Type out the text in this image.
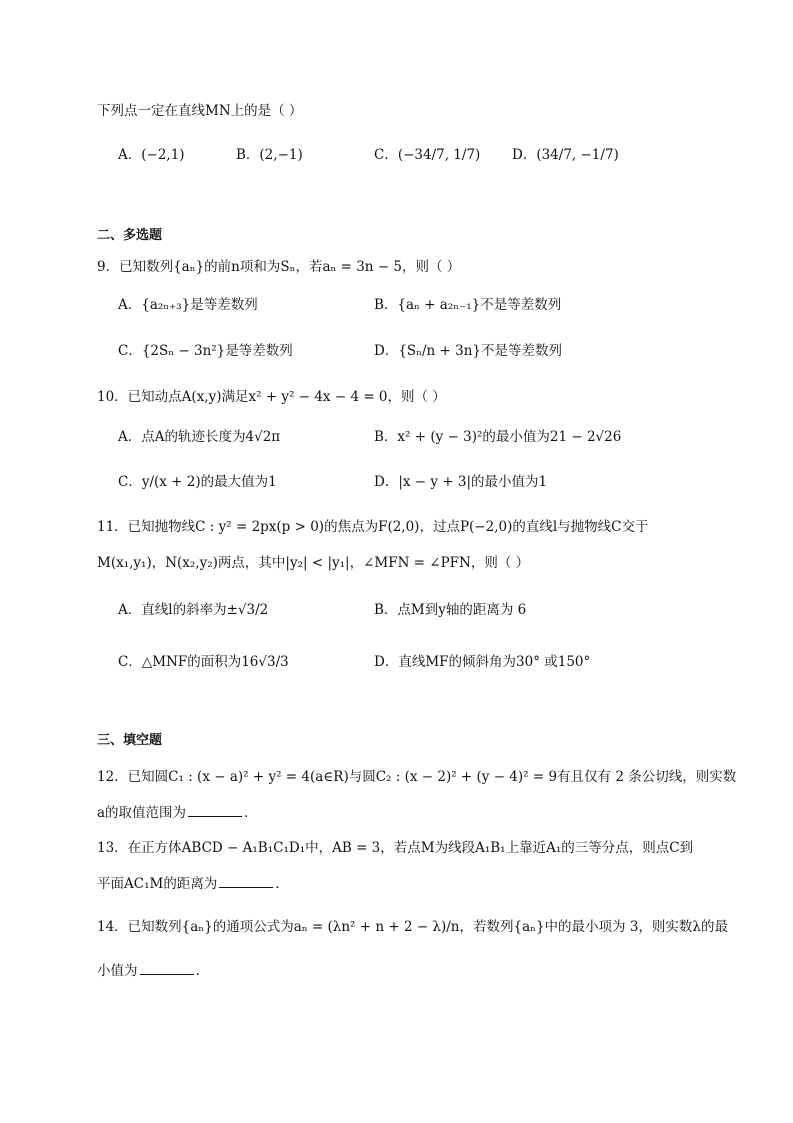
下列点一定在直线MN上的是（ ）
A．(−2,1)	B．(2,−1)	C．(−34/7, 1/7) D．(34/7, −1/7)
二、多选题
9．已知数列{aₙ}的前n项和为Sₙ，若aₙ = 3n − 5，则（ ）
A．{a₂ₙ₊₃}是等差数列	B．{aₙ + a₂ₙ₋₁}不是等差数列
C．{2Sₙ − 3n²}是等差数列	D．{Sₙ/n + 3n}不是等差数列
10．已知动点A(x,y)满足x² + y² − 4x − 4 = 0，则（ ）
A．点A的轨迹长度为4√2π	B．x² + (y − 3)²的最小值为21 − 2√26
C．y/(x + 2)的最大值为1	D．|x − y + 3|的最小值为1
11．已知抛物线C : y² = 2px(p > 0)的焦点为F(2,0)，过点P(−2,0)的直线l与抛物线C交于
M(x₁,y₁)，N(x₂,y₂)两点，其中|y₂| < |y₁|，∠MFN = ∠PFN，则（ ）
A．直线l的斜率为±√3/2	B．点M到y轴的距离为 6
C．△MNF的面积为16√3/3	D．直线MF的倾斜角为30° 或150°
三、填空题
12．已知圆C₁ : (x − a)² + y² = 4(a∈R)与圆C₂ : (x − 2)² + (y − 4)² = 9有且仅有 2 条公切线，则实数
a的取值范围为	．
13．在正方体ABCD − A₁B₁C₁D₁中，AB = 3，若点M为线段A₁B₁上靠近A₁的三等分点，则点C到
平面AC₁M的距离为	．
14．已知数列{aₙ}的通项公式为aₙ = (λn² + n + 2 − λ)/n，若数列{aₙ}中的最小项为 3，则实数λ的最
小值为	.
